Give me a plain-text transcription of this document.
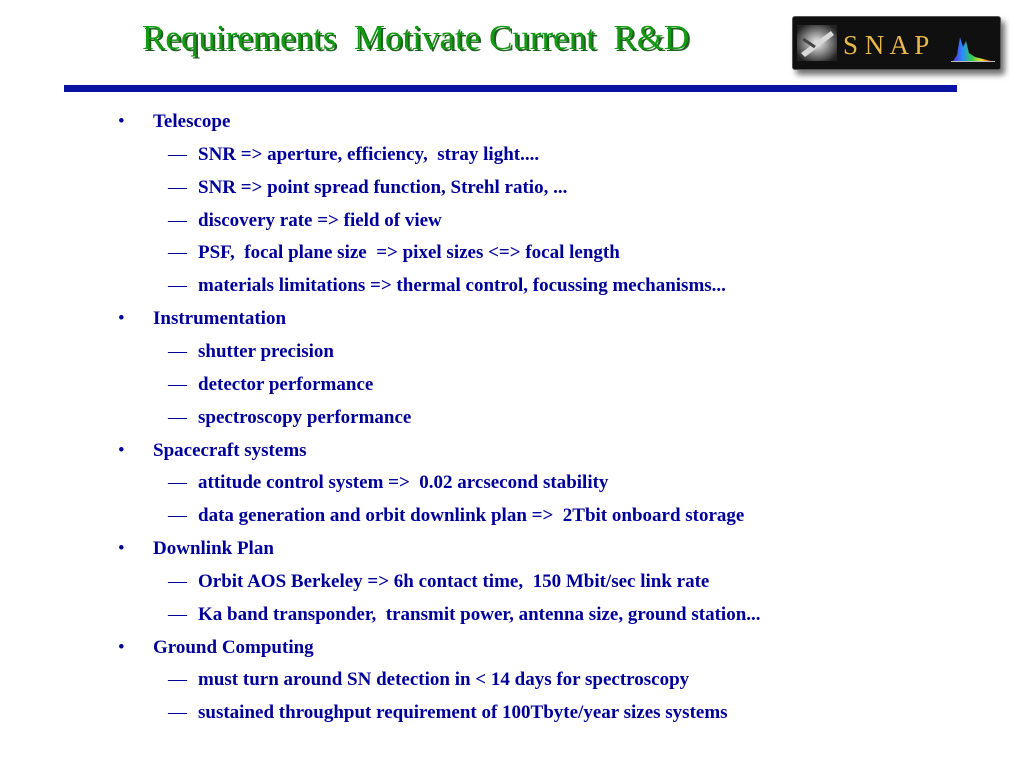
Requirements  Motivate Current  R&D	S N A P
• Telescope
— SNR => aperture, efficiency,  stray light....
— SNR => point spread function, Strehl ratio, ...
— discovery rate => field of view
— PSF,  focal plane size  => pixel sizes <=> focal length
— materials limitations => thermal control, focussing mechanisms...
• Instrumentation
— shutter precision
— detector performance
— spectroscopy performance
• Spacecraft systems
— attitude control system =>  0.02 arcsecond stability
— data generation and orbit downlink plan =>  2Tbit onboard storage
• Downlink Plan
— Orbit AOS Berkeley => 6h contact time,  150 Mbit/sec link rate
— Ka band transponder,  transmit power, antenna size, ground station...
• Ground Computing
— must turn around SN detection in < 14 days for spectroscopy
— sustained throughput requirement of 100Tbyte/year sizes systems
